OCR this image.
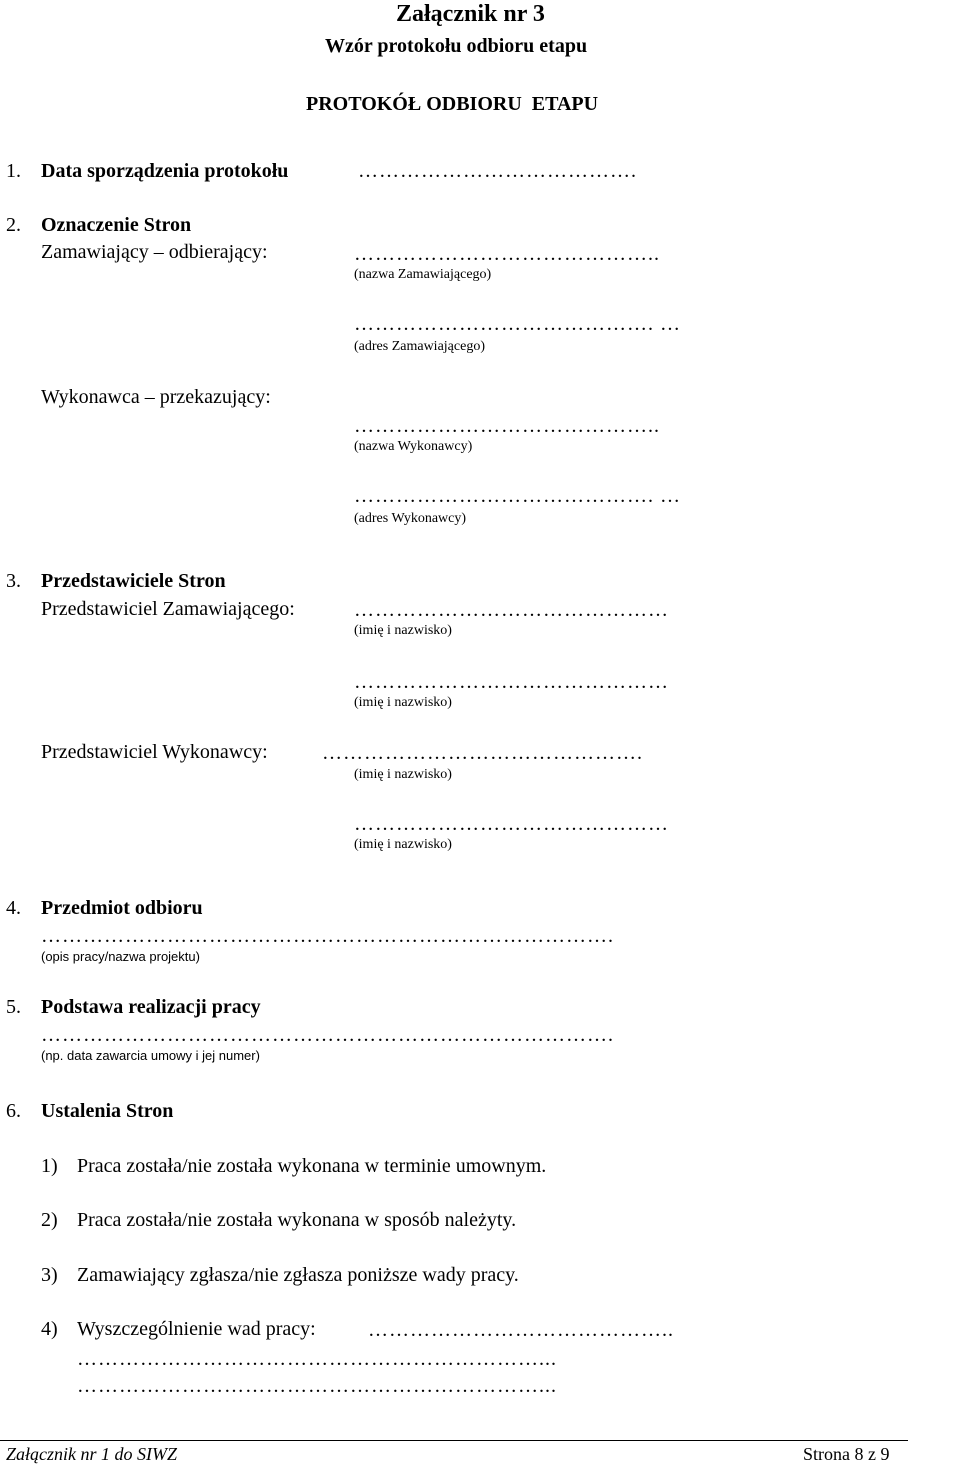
Załącznik nr 3
Wzór protokołu odbioru etapu
PROTOKÓŁ ODBIORU  ETAPU
1. Data sporządzenia protokołu	………………………………….
2. Oznaczenie Stron
Zamawiający – odbierający:	……………………………………..
(nazwa Zamawiającego)
……………………………………. …
(adres Zamawiającego)
Wykonawca – przekazujący:
……………………………………..
(nazwa Wykonawcy)
……………………………………. …
(adres Wykonawcy)
3. Przedstawiciele Stron
Przedstawiciel Zamawiającego:	………………………………………
(imię i nazwisko)
………………………………………
(imię i nazwisko)
Przedstawiciel Wykonawcy:	……………………………………….
(imię i nazwisko)
………………………………………
(imię i nazwisko)
4. Przedmiot odbioru
……………………………………………………………………….
(opis pracy/nazwa projektu)
5. Podstawa realizacji pracy
……………………………………………………………………….
(np. data zawarcia umowy i jej numer)
6. Ustalenia Stron
1) Praca została/nie została wykonana w terminie umownym.
2) Praca została/nie została wykonana w sposób należyty.
3) Zamawiający zgłasza/nie zgłasza poniższe wady pracy.
4) Wyszczególnienie wad pracy:	……………………………………..
…………………………………………………………...
…………………………………………………………...
Załącznik nr 1 do SIWZ	Strona 8 z 9
